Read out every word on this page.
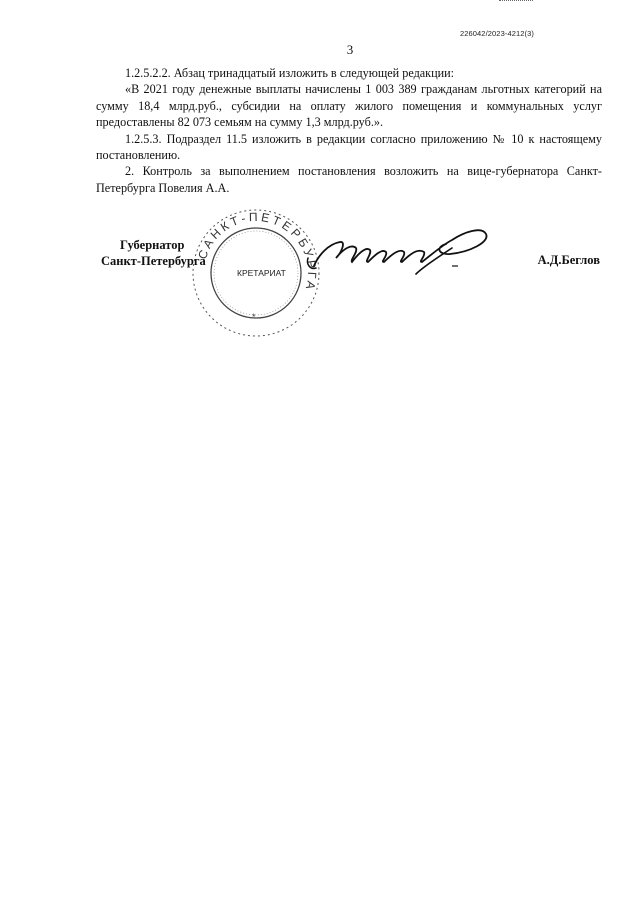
226042/2023-4212(3)
3

1.2.5.2.2. Абзац тринадцатый изложить в следующей редакции:

«В 2021 году денежные выплаты начислены 1 003 389 гражданам льготных категорий на сумму 18,4 млрд.руб., субсидии на оплату жилого помещения и коммунальных услуг предоставлены 82 073 семьям на сумму 1,3 млрд.руб.».

1.2.5.3. Подраздел 11.5 изложить в редакции согласно приложению № 10 к настоящему постановлению.

2. Контроль за выполнением постановления возложить на вице-губернатора Санкт-Петербурга Повелия А.А.

Губернатор
Санкт-Петербурга
САНКТ-ПЕТЕРБУРГА
КРЕТАРИАТ
*
А.Д.Беглов
